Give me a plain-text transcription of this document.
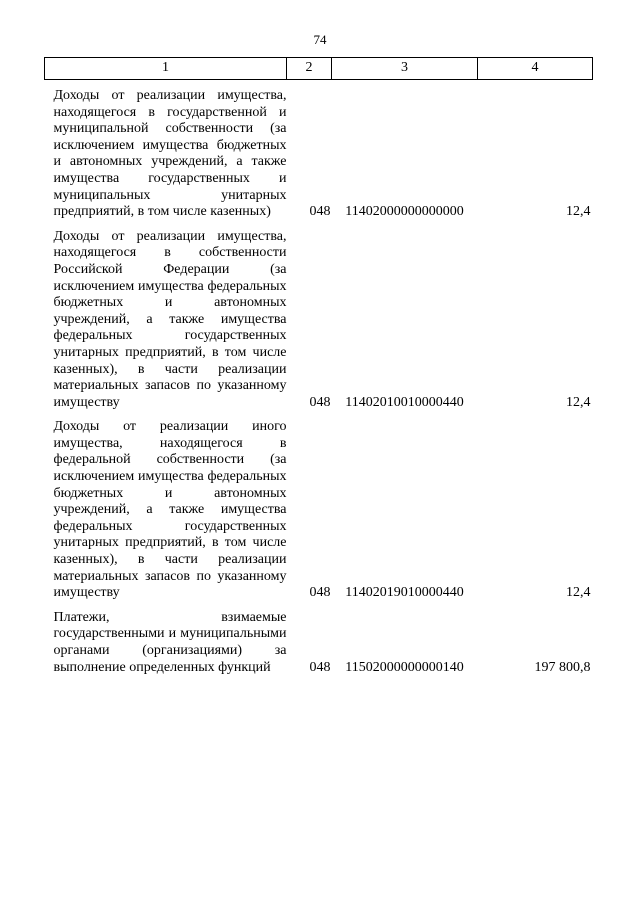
74
1	2	3	4

Доходы от реализации имущества, находящегося в государственной и муниципальной собственности (за исключением имущества бюджетных и автономных учреждений, а также имущества государственных и муниципальных унитарных предприятий, в том числе казенных)	048	11402000000000000	12,4

Доходы от реализации имущества, находящегося в собственности Российской Федерации (за исключением имущества федеральных бюджетных и автономных учреждений, а также имущества федеральных государственных унитарных предприятий, в том числе казенных), в части реализации материальных запасов по указанному имуществу	048	11402010010000440	12,4

Доходы от реализации иного имущества, находящегося в федеральной собственности (за исключением имущества федеральных бюджетных и автономных учреждений, а также имущества федеральных государственных унитарных предприятий, в том числе казенных), в части реализации материальных запасов по указанному имуществу	048	11402019010000440	12,4

Платежи, взимаемые государственными и муниципальными органами (организациями) за выполнение определенных функций	048	11502000000000140	197 800,8
